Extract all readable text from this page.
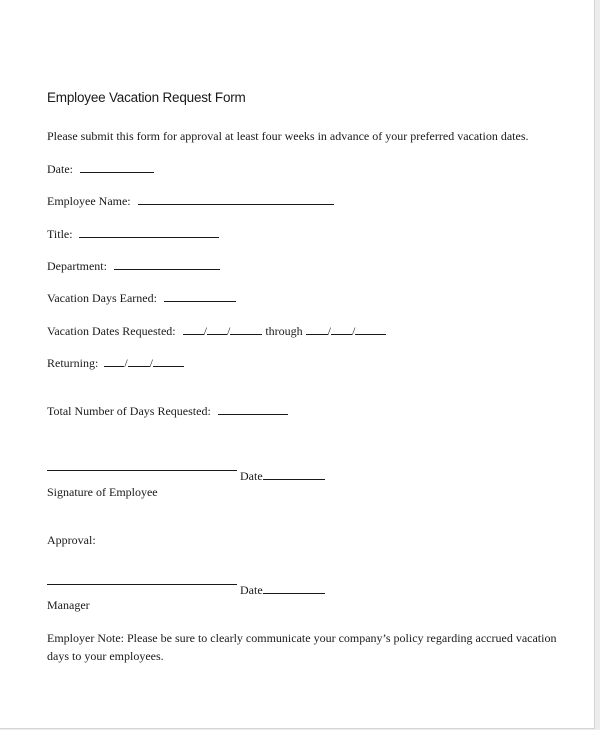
Employee Vacation Request Form
Please submit this form for approval at least four weeks in advance of your preferred vacation dates.
Date:
Employee Name:
Title:
Department:
Vacation Days Earned:
Vacation Dates Requested: / /	through / /
Returning: / /
Total Number of Days Requested:
Date
Signature of Employee
Approval:
Date
Manager
Employer Note: Please be sure to clearly communicate your company’s policy regarding accrued vacation days to your employees.
